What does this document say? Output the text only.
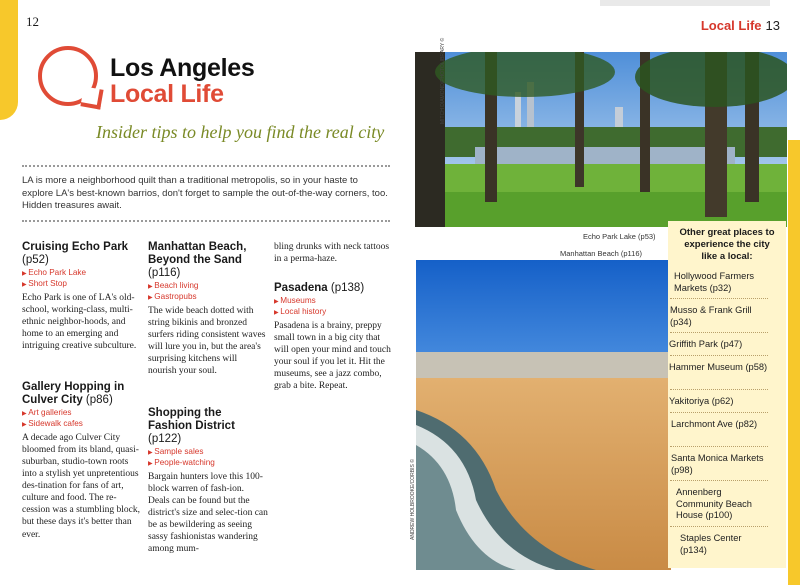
12	Local Life 13
Los Angeles
Local Life
Insider tips to help you find the real city
LA is more a neighborhood quilt than a traditional metropolis, so in your haste to explore LA's best-known barrios, don't forget to sample the out-of-the-way corners, too. Hidden treasures await.
Cruising Echo Park (p52)
▶ Echo Park Lake
▶ Short Stop

Echo Park is one of LA's old-school, working-class, multi-ethnic neighbor-hoods, and home to an emerging and intriguing creative subculture.

Gallery Hopping in Culver City (p86)
▶ Art galleries
▶ Sidewalk cafes

A decade ago Culver City bloomed from its bland, quasi-suburban, studio-town roots into a stylish yet unpretentious des-tination for fans of art, culture and food. The re-cession was a stumbling block, but these days it's better than ever.

Manhattan Beach, Beyond the Sand (p116)
▶ Beach living
▶ Gastropubs

The wide beach dotted with string bikinis and bronzed surfers riding consistent waves will lure you in, but the area's surprising kitchens will nourish your soul.

Shopping the Fashion District (p122)
▶ Sample sales
▶ People-watching

Bargain hunters love this 100-block warren of fash-ion. Deals can be found but the district's size and selec-tion can be as bewildering as seeing sassy fashionistas wandering among mum-

bling drunks with neck tattoos in a perma-haze.

Pasadena (p138)
▶ Museums
▶ Local history

Pasadena is a brainy, preppy small town in a big city that will open your mind and touch your soul if you let it. Hit the museums, see a jazz combo, grab a bite. Repeat.

Echo Park Lake (p53)
MITCH DIAMOND/PHOTOLIBRARY ©
Manhattan Beach (p116)
ANDREW HOLBROOKE/CORBIS ©
Other great places to experience the city like a local:
Hollywood Farmers Markets (p32)
Musso & Frank Grill (p34)
Griffith Park (p47)
Hammer Museum (p58)
Yakitoriya (p62)
Larchmont Ave (p82)
Santa Monica Markets (p98)
Annenberg Community Beach House (p100)
Staples Center (p134)
